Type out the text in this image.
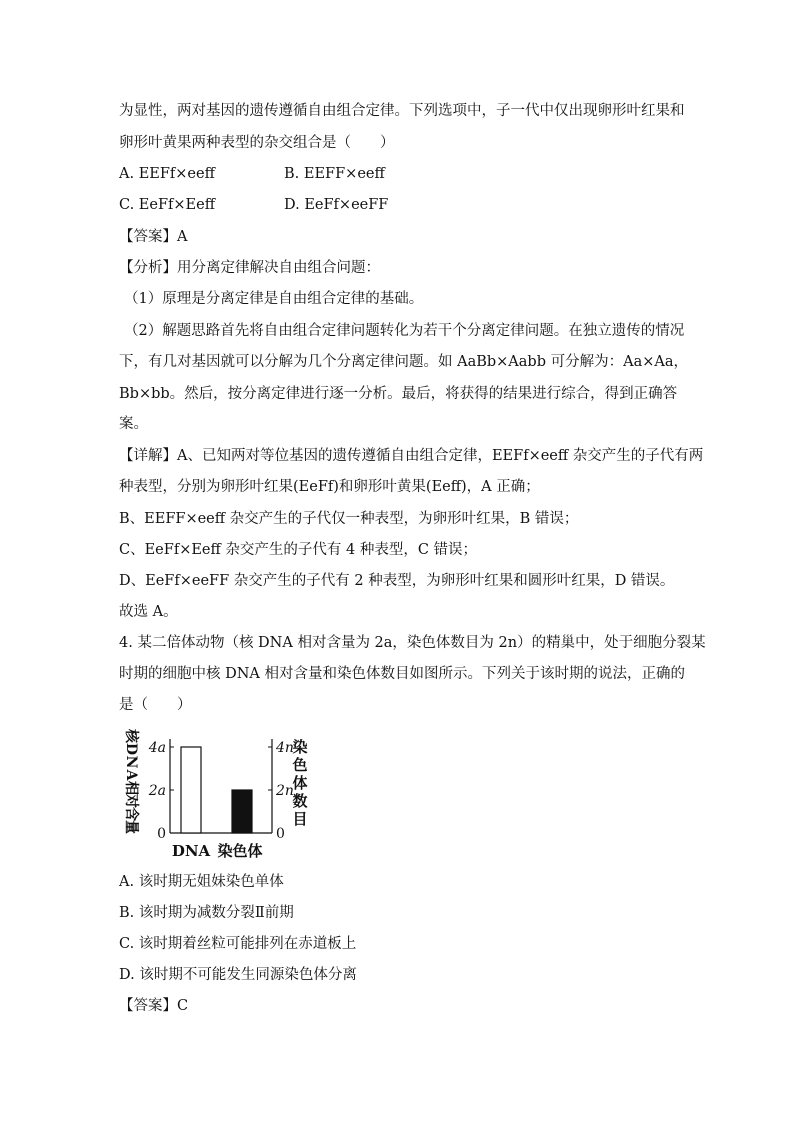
为显性，两对基因的遗传遵循自由组合定律。下列选项中，子一代中仅出现卵形叶红果和
卵形叶黄果两种表型的杂交组合是（　　）
A. EEFf×eeff	B. EEFF×eeff
C. EeFf×Eeff	D. EeFf×eeFF
【答案】A
【分析】用分离定律解决自由组合问题：
（1）原理是分离定律是自由组合定律的基础。
（2）解题思路首先将自由组合定律问题转化为若干个分离定律问题。在独立遗传的情况
下，有几对基因就可以分解为几个分离定律问题。如 AaBb×Aabb 可分解为：Aa×Aa，
Bb×bb。然后，按分离定律进行逐一分析。最后，将获得的结果进行综合，得到正确答
案。
【详解】A、已知两对等位基因的遗传遵循自由组合定律，EEFf×eeff 杂交产生的子代有两
种表型，分别为卵形叶红果(EeFf)和卵形叶黄果(Eeff)，A 正确；
B、EEFF×eeff 杂交产生的子代仅一种表型，为卵形叶红果，B 错误；
C、EeFf×Eeff 杂交产生的子代有 4 种表型，C 错误；
D、EeFf×eeFF 杂交产生的子代有 2 种表型，为卵形叶红果和圆形叶红果，D 错误。
故选 A。
4. 某二倍体动物（核 DNA 相对含量为 2a，染色体数目为 2n）的精巢中，处于细胞分裂某
时期的细胞中核 DNA 相对含量和染色体数目如图所示。下列关于该时期的说法，正确的
是（　　）
4a	4n
2a	2n
0	0
DNA 染色体
核
D
N
A
相
对
含
量
染
色
体
数
目
A. 该时期无姐妹染色单体
B. 该时期为减数分裂Ⅱ前期
C. 该时期着丝粒可能排列在赤道板上
D. 该时期不可能发生同源染色体分离
【答案】C
